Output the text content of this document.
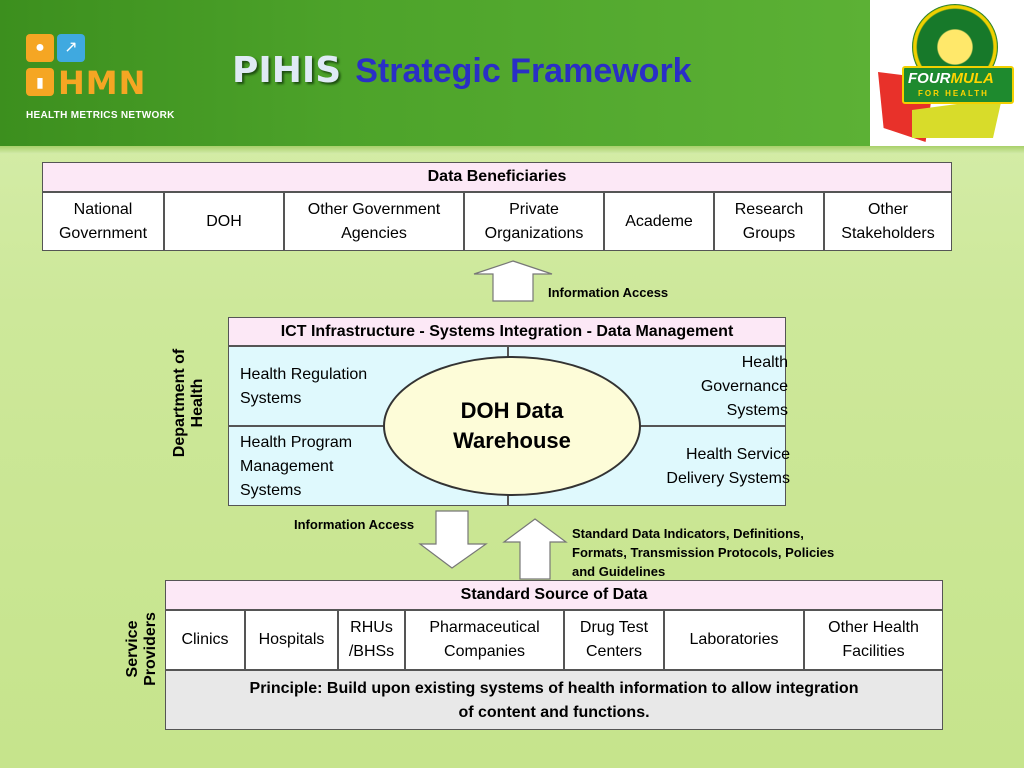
● ↗
▮ HMN
HEALTH METRICS NETWORK
PIHIS Strategic Framework	FOURMULA
FOR HEALTH
Data Beneficiaries
National
Government
DOH
Other Government
Agencies
Private
Organizations
Academe
Research
Groups
Other
Stakeholders
Information Access
Department of
Health
ICT Infrastructure - Systems Integration - Data Management
Health Regulation
Systems
Health
Governance
Systems
Health Program
Management
Systems
Health Service
Delivery Systems
DOH Data
Warehouse
Information Access
Standard Data Indicators, Definitions,
Formats, Transmission Protocols, Policies
and Guidelines
Service
Providers
Standard Source of Data
Clinics	Hospitals
RHUs
/BHSs
Pharmaceutical
Companies
Drug Test
Centers
Laboratories
Other Health
Facilities
Principle: Build upon existing systems of health information to allow integration
of content and functions.
